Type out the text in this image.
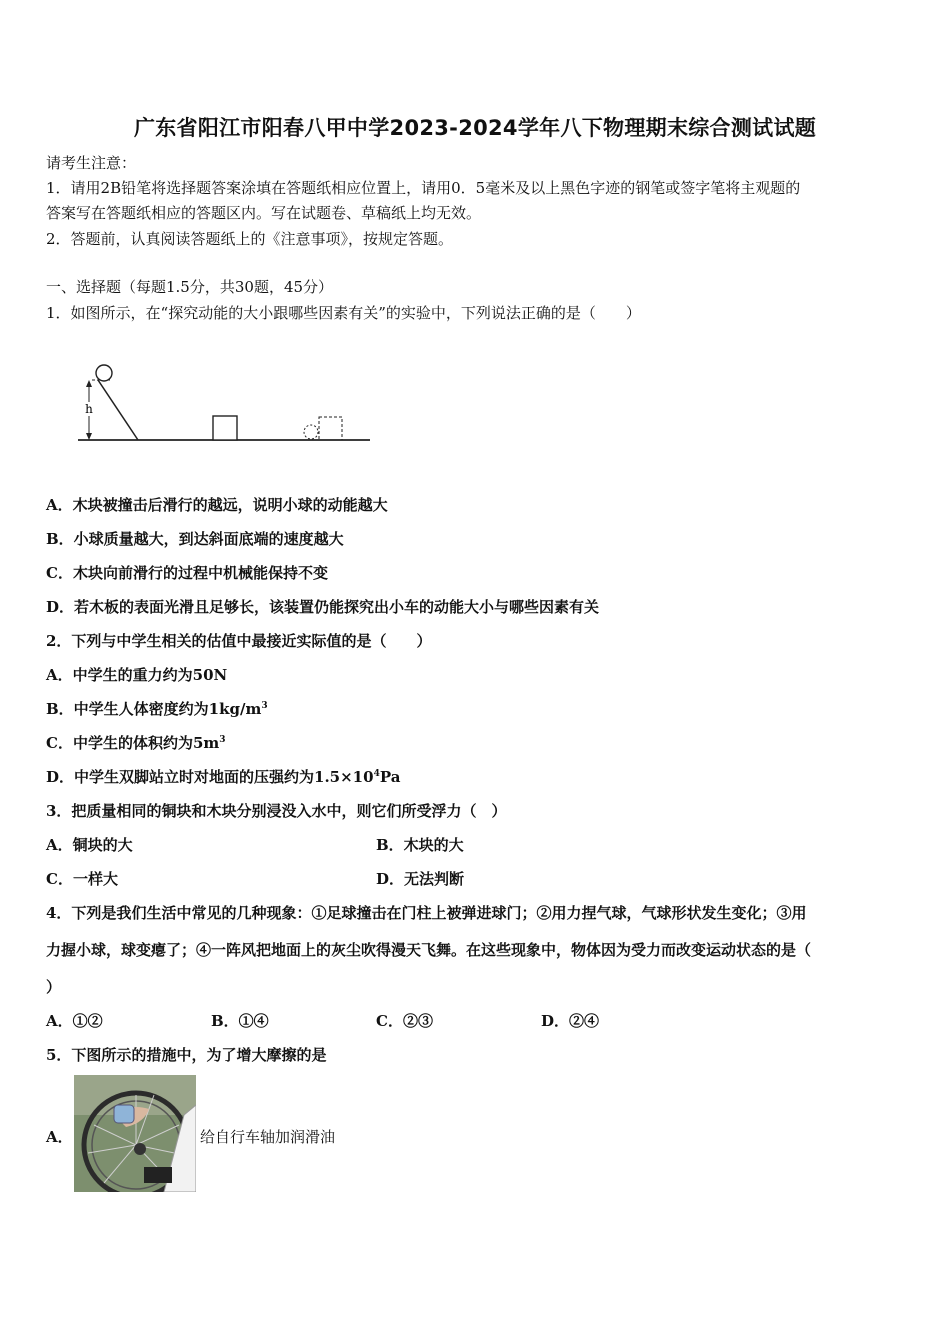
广东省阳江市阳春八甲中学2023-2024学年八下物理期末综合测试试题
请考生注意：
1．请用2B铅笔将选择题答案涂填在答题纸相应位置上，请用0．5毫米及以上黑色字迹的钢笔或签字笔将主观题的
答案写在答题纸相应的答题区内。写在试题卷、草稿纸上均无效。
2．答题前，认真阅读答题纸上的《注意事项》，按规定答题。
一、选择题（每题1.5分，共30题，45分）
1．如图所示，在“探究动能的大小跟哪些因素有关”的实验中，下列说法正确的是（　　）
h
A．木块被撞击后滑行的越远，说明小球的动能越大
B．小球质量越大，到达斜面底端的速度越大
C．木块向前滑行的过程中机械能保持不变
D．若木板的表面光滑且足够长，该装置仍能探究出小车的动能大小与哪些因素有关
2．下列与中学生相关的估值中最接近实际值的是（　　）
A．中学生的重力约为50N
B．中学生人体密度约为$1kg/m^3$
C．中学生的体积约为$5m^3$
D．中学生双脚站立时对地面的压强约为$1.5\times 10^4Pa$
3．把质量相同的铜块和木块分别浸没入水中，则它们所受浮力（　）
A．铜块的大	B．木块的大
C．一样大	D．无法判断
4．下列是我们生活中常见的几种现象：①足球撞击在门柱上被弹进球门；②用力捏气球，气球形状发生变化；③用
力握小球，球变瘪了；④一阵风把地面上的灰尘吹得漫天飞舞。在这些现象中，物体因为受力而改变运动状态的是（
）
A．①②	B．①④	C．②③	D．②④
5．下图所示的措施中，为了增大摩擦的是
A．	给自行车轴加润滑油
